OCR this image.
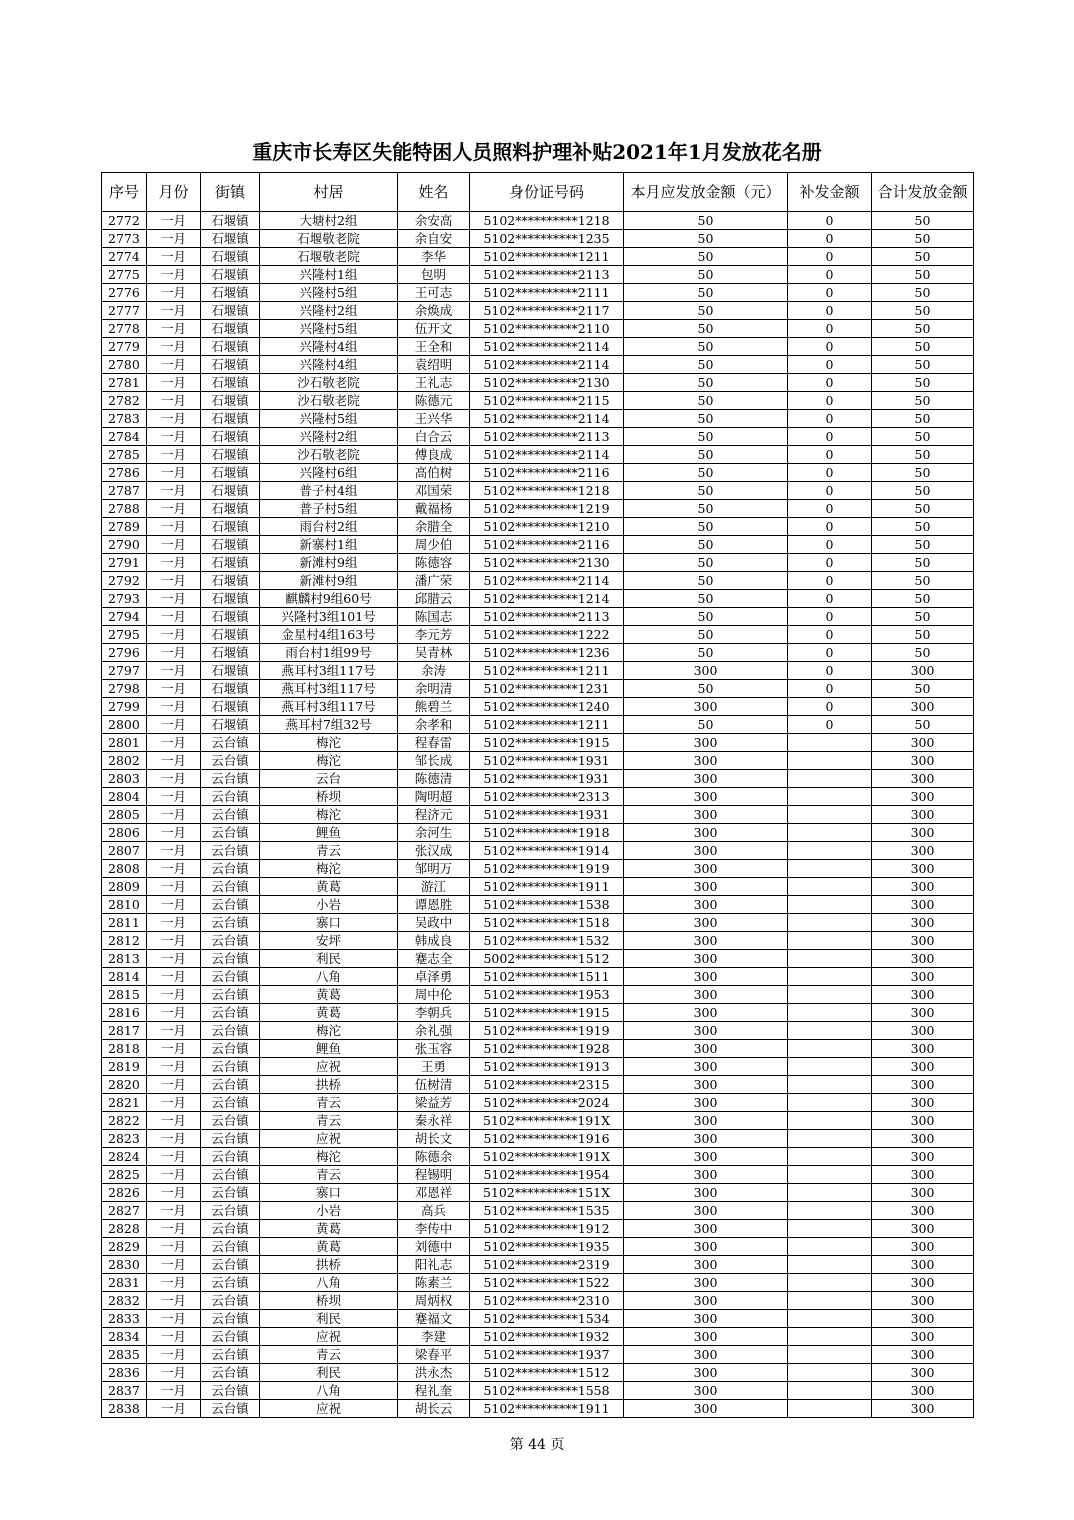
重庆市长寿区失能特困人员照料护理补贴2021年1月发放花名册
序号	月份	街镇	村居	姓名	身份证号码	本月应发放金额（元）	补发金额	合计发放金额
2772	一月	石堰镇	大塘村2组	余安高	5102**********1218	50	0	50
2773	一月	石堰镇	石堰敬老院	余自安	5102**********1235	50	0	50
2774	一月	石堰镇	石堰敬老院	李华	5102**********1211	50	0	50
2775	一月	石堰镇	兴隆村1组	包明	5102**********2113	50	0	50
2776	一月	石堰镇	兴隆村5组	王可志	5102**********2111	50	0	50
2777	一月	石堰镇	兴隆村2组	余焕成	5102**********2117	50	0	50
2778	一月	石堰镇	兴隆村5组	伍开文	5102**********2110	50	0	50
2779	一月	石堰镇	兴隆村4组	王全和	5102**********2114	50	0	50
2780	一月	石堰镇	兴隆村4组	袁绍明	5102**********2114	50	0	50
2781	一月	石堰镇	沙石敬老院	王礼志	5102**********2130	50	0	50
2782	一月	石堰镇	沙石敬老院	陈德元	5102**********2115	50	0	50
2783	一月	石堰镇	兴隆村5组	王兴华	5102**********2114	50	0	50
2784	一月	石堰镇	兴隆村2组	白合云	5102**********2113	50	0	50
2785	一月	石堰镇	沙石敬老院	傅良成	5102**********2114	50	0	50
2786	一月	石堰镇	兴隆村6组	高伯树	5102**********2116	50	0	50
2787	一月	石堰镇	普子村4组	邓国荣	5102**********1218	50	0	50
2788	一月	石堰镇	普子村5组	戴福杨	5102**********1219	50	0	50
2789	一月	石堰镇	雨台村2组	余腊全	5102**********1210	50	0	50
2790	一月	石堰镇	新寨村1组	周少伯	5102**********2116	50	0	50
2791	一月	石堰镇	新滩村9组	陈德容	5102**********2130	50	0	50
2792	一月	石堰镇	新滩村9组	潘广荣	5102**********2114	50	0	50
2793	一月	石堰镇	麒麟村9组60号	邱腊云	5102**********1214	50	0	50
2794	一月	石堰镇	兴隆村3组101号	陈国志	5102**********2113	50	0	50
2795	一月	石堰镇	金星村4组163号	李元芳	5102**********1222	50	0	50
2796	一月	石堰镇	雨台村1组99号	吴青林	5102**********1236	50	0	50
2797	一月	石堰镇	燕耳村3组117号	余涛	5102**********1211	300	0	300
2798	一月	石堰镇	燕耳村3组117号	余明清	5102**********1231	50	0	50
2799	一月	石堰镇	燕耳村3组117号	熊碧兰	5102**********1240	300	0	300
2800	一月	石堰镇	燕耳村7组32号	余孝和	5102**********1211	50	0	50
2801	一月	云台镇	梅沱	程春雷	5102**********1915	300		300
2802	一月	云台镇	梅沱	邹长成	5102**********1931	300		300
2803	一月	云台镇	云台	陈德清	5102**********1931	300		300
2804	一月	云台镇	桥坝	陶明超	5102**********2313	300		300
2805	一月	云台镇	梅沱	程济元	5102**********1931	300		300
2806	一月	云台镇	鲤鱼	余河生	5102**********1918	300		300
2807	一月	云台镇	青云	张汉成	5102**********1914	300		300
2808	一月	云台镇	梅沱	邹明万	5102**********1919	300		300
2809	一月	云台镇	黄葛	游江	5102**********1911	300		300
2810	一月	云台镇	小岩	谭恩胜	5102**********1538	300		300
2811	一月	云台镇	寨口	吴政中	5102**********1518	300		300
2812	一月	云台镇	安坪	韩成良	5102**********1532	300		300
2813	一月	云台镇	利民	蹇志全	5002**********1512	300		300
2814	一月	云台镇	八角	卓泽勇	5102**********1511	300		300
2815	一月	云台镇	黄葛	周中伦	5102**********1953	300		300
2816	一月	云台镇	黄葛	李朝兵	5102**********1915	300		300
2817	一月	云台镇	梅沱	余礼强	5102**********1919	300		300
2818	一月	云台镇	鲤鱼	张玉容	5102**********1928	300		300
2819	一月	云台镇	应祝	王勇	5102**********1913	300		300
2820	一月	云台镇	拱桥	伍树清	5102**********2315	300		300
2821	一月	云台镇	青云	梁益芳	5102**********2024	300		300
2822	一月	云台镇	青云	秦永祥	5102**********191X	300		300
2823	一月	云台镇	应祝	胡长文	5102**********1916	300		300
2824	一月	云台镇	梅沱	陈德余	5102**********191X	300		300
2825	一月	云台镇	青云	程锡明	5102**********1954	300		300
2826	一月	云台镇	寨口	邓恩祥	5102**********151X	300		300
2827	一月	云台镇	小岩	高兵	5102**********1535	300		300
2828	一月	云台镇	黄葛	李传中	5102**********1912	300		300
2829	一月	云台镇	黄葛	刘德中	5102**********1935	300		300
2830	一月	云台镇	拱桥	阳礼志	5102**********2319	300		300
2831	一月	云台镇	八角	陈素兰	5102**********1522	300		300
2832	一月	云台镇	桥坝	周炳权	5102**********2310	300		300
2833	一月	云台镇	利民	蹇福文	5102**********1534	300		300
2834	一月	云台镇	应祝	李建	5102**********1932	300		300
2835	一月	云台镇	青云	梁春平	5102**********1937	300		300
2836	一月	云台镇	利民	洪永杰	5102**********1512	300		300
2837	一月	云台镇	八角	程礼奎	5102**********1558	300		300
2838	一月	云台镇	应祝	胡长云	5102**********1911	300		300
第 44 页
